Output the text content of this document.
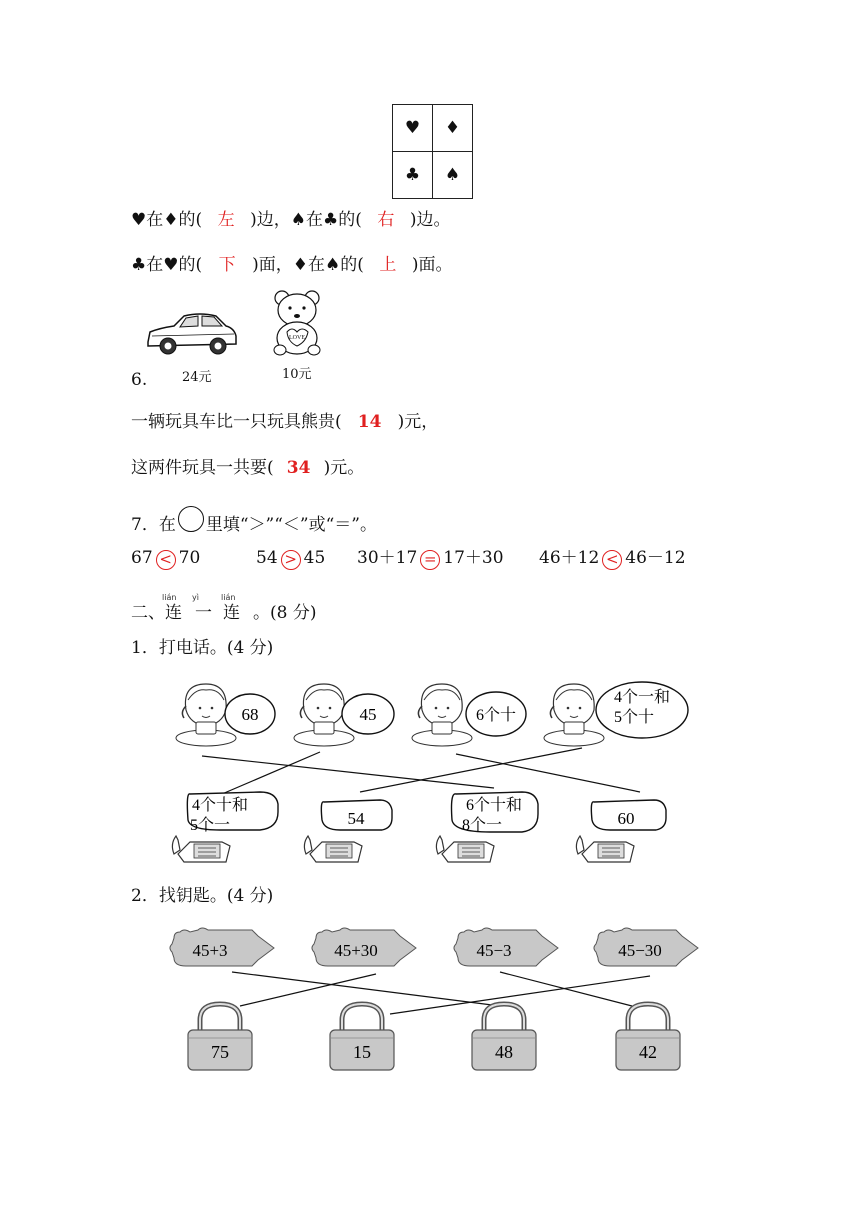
♥	♦
♣	♠
♥在♦的( 左 )边，♠在♣的( 右 )边。
♣在♥的( 下 )面，♦在♠的( 上 )面。
24元
LOVE
10元
6.
一辆玩具车比一只玩具熊贵( 14 )元，
这两件玩具一共要( 34 )元。
7．在 里填“＞”“＜”或“＝”。
67 < 70	54 > 45 30＋17 = 17＋30 46＋12 < 46－12
lián yì	lián
二、连 一 连 。(8 分)
1．打电话。(4 分)
68	45	6个十
4个一和
5个十
4个十和
5个一	54
6个十和
8个一	60
2．找钥匙。(4 分)
45+3	45+30	45−3	45−30
75	15	48	42
